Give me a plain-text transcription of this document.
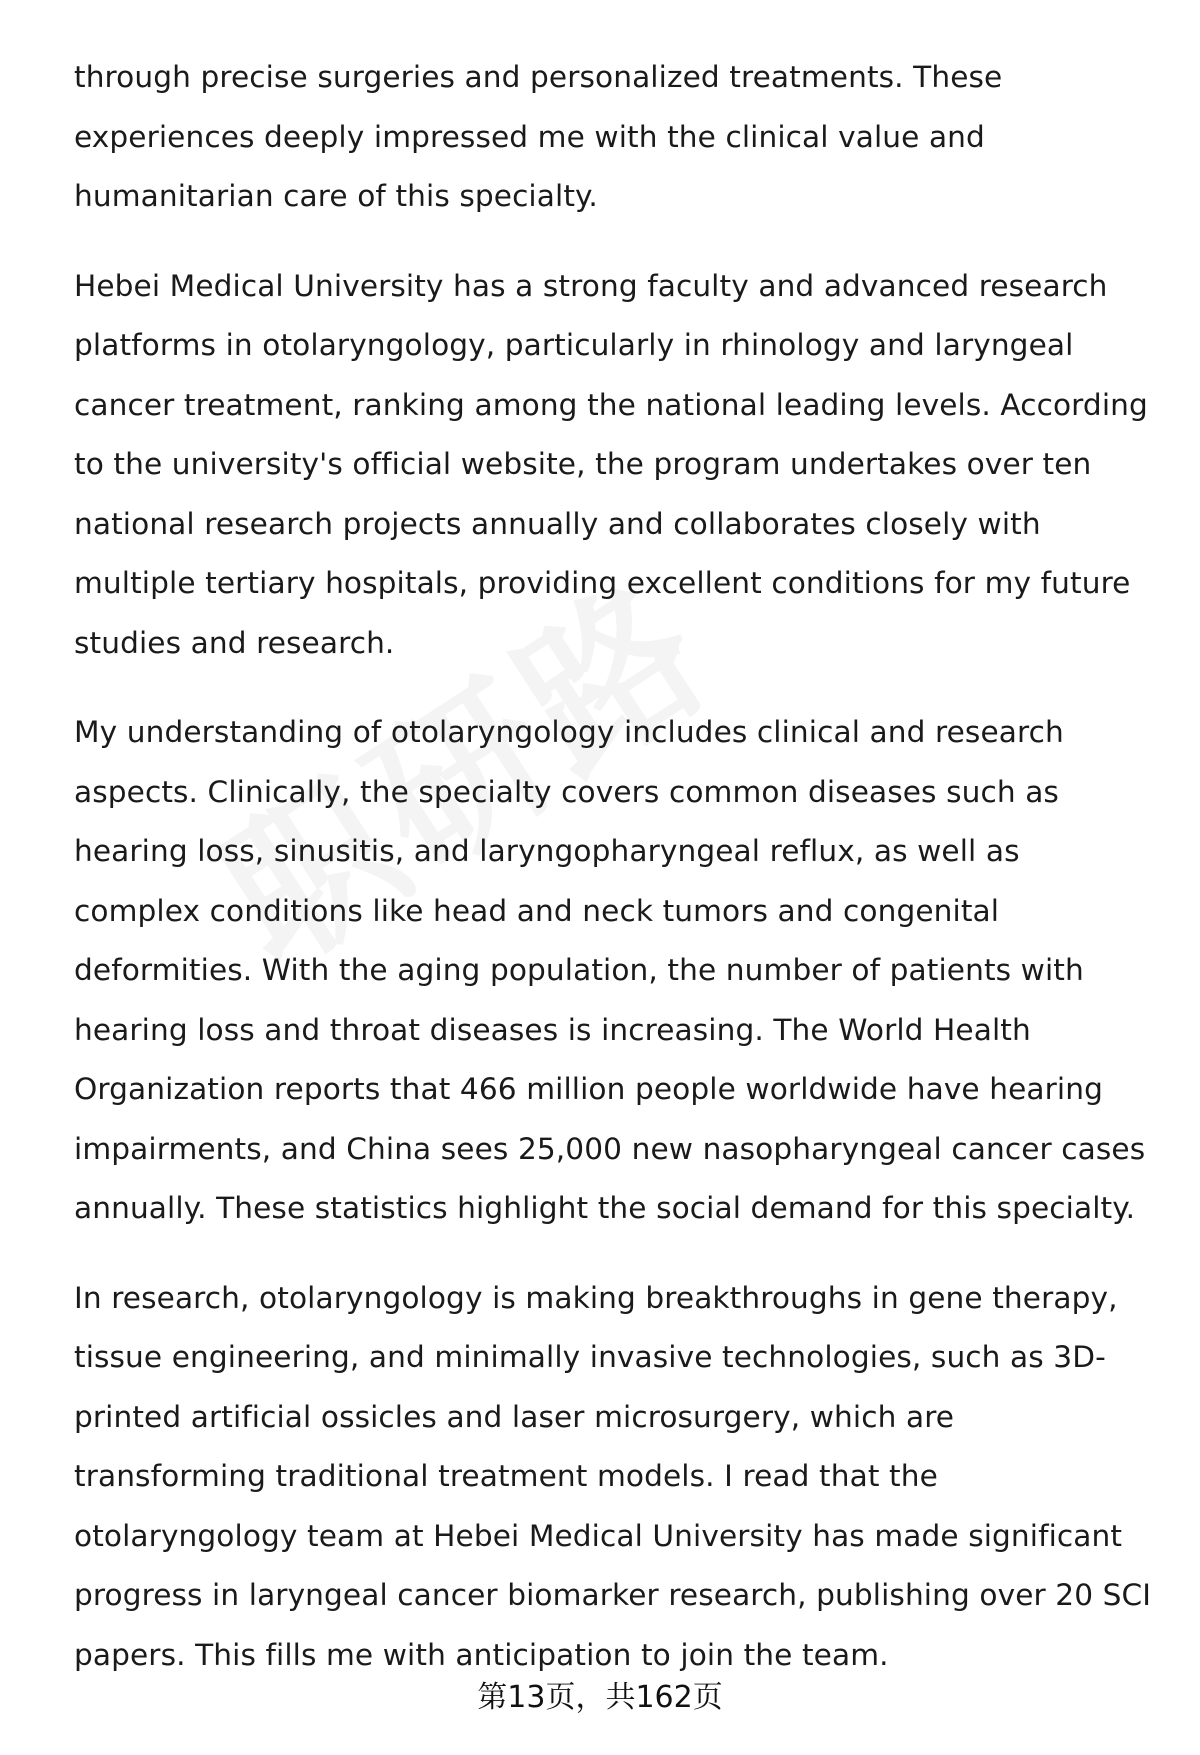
through precise surgeries and personalized treatments. These experiences deeply impressed me with the clinical value and humanitarian care of this specialty.

Hebei Medical University has a strong faculty and advanced research platforms in otolaryngology, particularly in rhinology and laryngeal cancer treatment, ranking among the national leading levels. According to the university's official website, the program undertakes over ten national research projects annually and collaborates closely with multiple tertiary hospitals, providing excellent conditions for my future studies and research.

My understanding of otolaryngology includes clinical and research aspects. Clinically, the specialty covers common diseases such as hearing loss, sinusitis, and laryngopharyngeal reflux, as well as complex conditions like head and neck tumors and congenital deformities. With the aging population, the number of patients with hearing loss and throat diseases is increasing. The World Health Organization reports that 466 million people worldwide have hearing impairments, and China sees 25,000 new nasopharyngeal cancer cases annually. These statistics highlight the social demand for this specialty.

In research, otolaryngology is making breakthroughs in gene therapy, tissue engineering, and minimally invasive technologies, such as 3D-printed artificial ossicles and laser microsurgery, which are transforming traditional treatment models. I read that the otolaryngology team at Hebei Medical University has made significant progress in laryngeal cancer biomarker research, publishing over 20 SCI papers. This fills me with anticipation to join the team.

第13页，共162页
